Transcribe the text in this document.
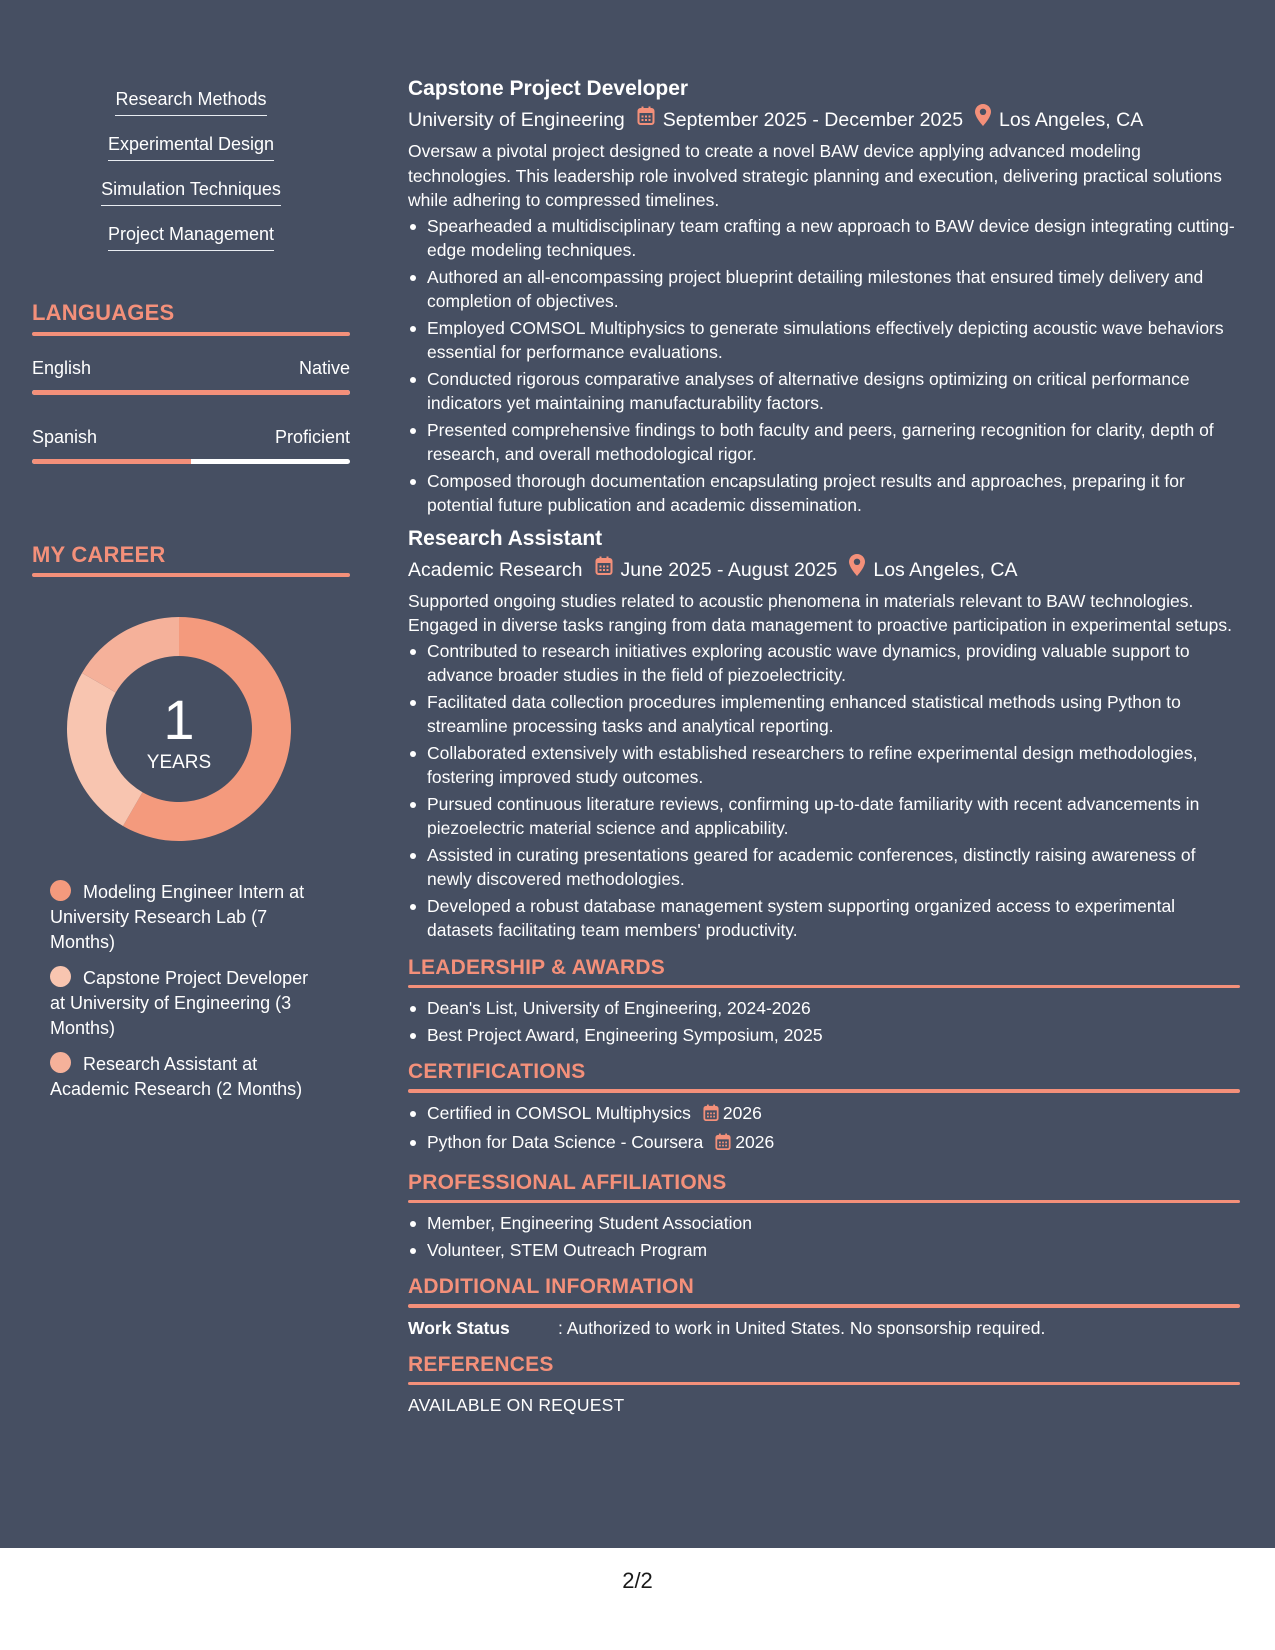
Research Methods
Experimental Design
Simulation Techniques
Project Management
LANGUAGES
English	Native
Spanish	Proficient
MY CAREER
1
YEARS
Modeling Engineer Intern at University Research Lab (7 Months)
Capstone Project Developer at University of Engineering (3 Months)
Research Assistant at Academic Research (2 Months)
Capstone Project Developer
University of Engineering September 2025 - December 2025 Los Angeles, CA
Oversaw a pivotal project designed to create a novel BAW device applying advanced modeling technologies. This leadership role involved strategic planning and execution, delivering practical solutions while adhering to compressed timelines.
Spearheaded a multidisciplinary team crafting a new approach to BAW device design integrating cutting-edge modeling techniques.
Authored an all-encompassing project blueprint detailing milestones that ensured timely delivery and completion of objectives.
Employed COMSOL Multiphysics to generate simulations effectively depicting acoustic wave behaviors essential for performance evaluations.
Conducted rigorous comparative analyses of alternative designs optimizing on critical performance indicators yet maintaining manufacturability factors.
Presented comprehensive findings to both faculty and peers, garnering recognition for clarity, depth of research, and overall methodological rigor.
Composed thorough documentation encapsulating project results and approaches, preparing it for potential future publication and academic dissemination.
Research Assistant
Academic Research June 2025 - August 2025 Los Angeles, CA
Supported ongoing studies related to acoustic phenomena in materials relevant to BAW technologies. Engaged in diverse tasks ranging from data management to proactive participation in experimental setups.
Contributed to research initiatives exploring acoustic wave dynamics, providing valuable support to advance broader studies in the field of piezoelectricity.
Facilitated data collection procedures implementing enhanced statistical methods using Python to streamline processing tasks and analytical reporting.
Collaborated extensively with established researchers to refine experimental design methodologies, fostering improved study outcomes.
Pursued continuous literature reviews, confirming up-to-date familiarity with recent advancements in piezoelectric material science and applicability.
Assisted in curating presentations geared for academic conferences, distinctly raising awareness of newly discovered methodologies.
Developed a robust database management system supporting organized access to experimental datasets facilitating team members' productivity.
LEADERSHIP & AWARDS
Dean's List, University of Engineering, 2024-2026
Best Project Award, Engineering Symposium, 2025
CERTIFICATIONS
Certified in COMSOL Multiphysics 2026
Python for Data Science - Coursera 2026
PROFESSIONAL AFFILIATIONS
Member, Engineering Student Association
Volunteer, STEM Outreach Program
ADDITIONAL INFORMATION
Work Status	: Authorized to work in United States. No sponsorship required.
REFERENCES
AVAILABLE ON REQUEST
2/2
